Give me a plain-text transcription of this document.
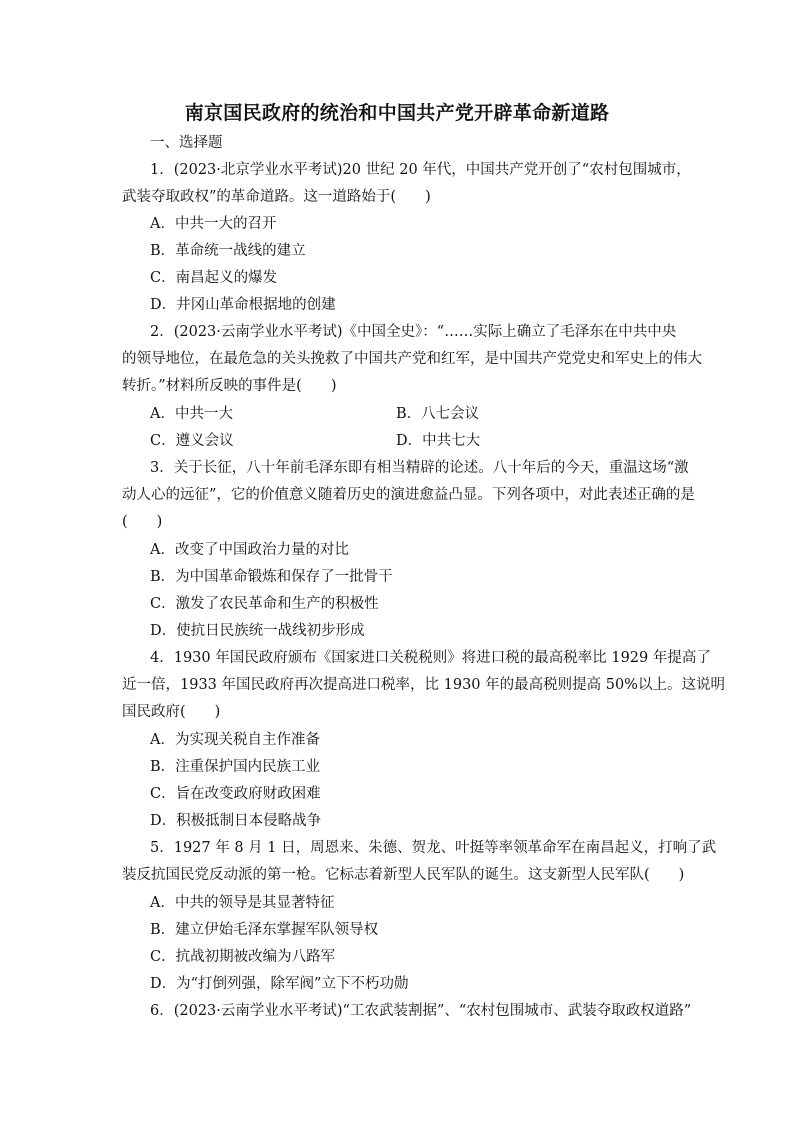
南京国民政府的统治和中国共产党开辟革命新道路
一、选择题
1．(2023·北京学业水平考试)20 世纪 20 年代，中国共产党开创了“农村包围城市，
武装夺取政权”的革命道路。这一道路始于(　　)
A．中共一大的召开
B．革命统一战线的建立
C．南昌起义的爆发
D．井冈山革命根据地的创建
2．(2023·云南学业水平考试)《中国全史》：“……实际上确立了毛泽东在中共中央
的领导地位，在最危急的关头挽救了中国共产党和红军，是中国共产党党史和军史上的伟大
转折。”材料所反映的事件是(　　)
A．中共一大	B．八七会议
C．遵义会议	D．中共七大
3．关于长征，八十年前毛泽东即有相当精辟的论述。八十年后的今天，重温这场“激
动人心的远征”，它的价值意义随着历史的演进愈益凸显。下列各项中，对此表述正确的是
(　　)
A．改变了中国政治力量的对比
B．为中国革命锻炼和保存了一批骨干
C．激发了农民革命和生产的积极性
D．使抗日民族统一战线初步形成
4．1930 年国民政府颁布《国家进口关税税则》将进口税的最高税率比 1929 年提高了
近一倍，1933 年国民政府再次提高进口税率，比 1930 年的最高税则提高 50%以上。这说明
国民政府(　　)
A．为实现关税自主作准备
B．注重保护国内民族工业
C．旨在改变政府财政困难
D．积极抵制日本侵略战争
5．1927 年 8 月 1 日，周恩来、朱德、贺龙、叶挺等率领革命军在南昌起义，打响了武
装反抗国民党反动派的第一枪。它标志着新型人民军队的诞生。这支新型人民军队(　　)
A．中共的领导是其显著特征
B．建立伊始毛泽东掌握军队领导权
C．抗战初期被改编为八路军
D．为“打倒列强，除军阀”立下不朽功勋
6．(2023·云南学业水平考试)“工农武装割据”、“农村包围城市、武装夺取政权道路”
